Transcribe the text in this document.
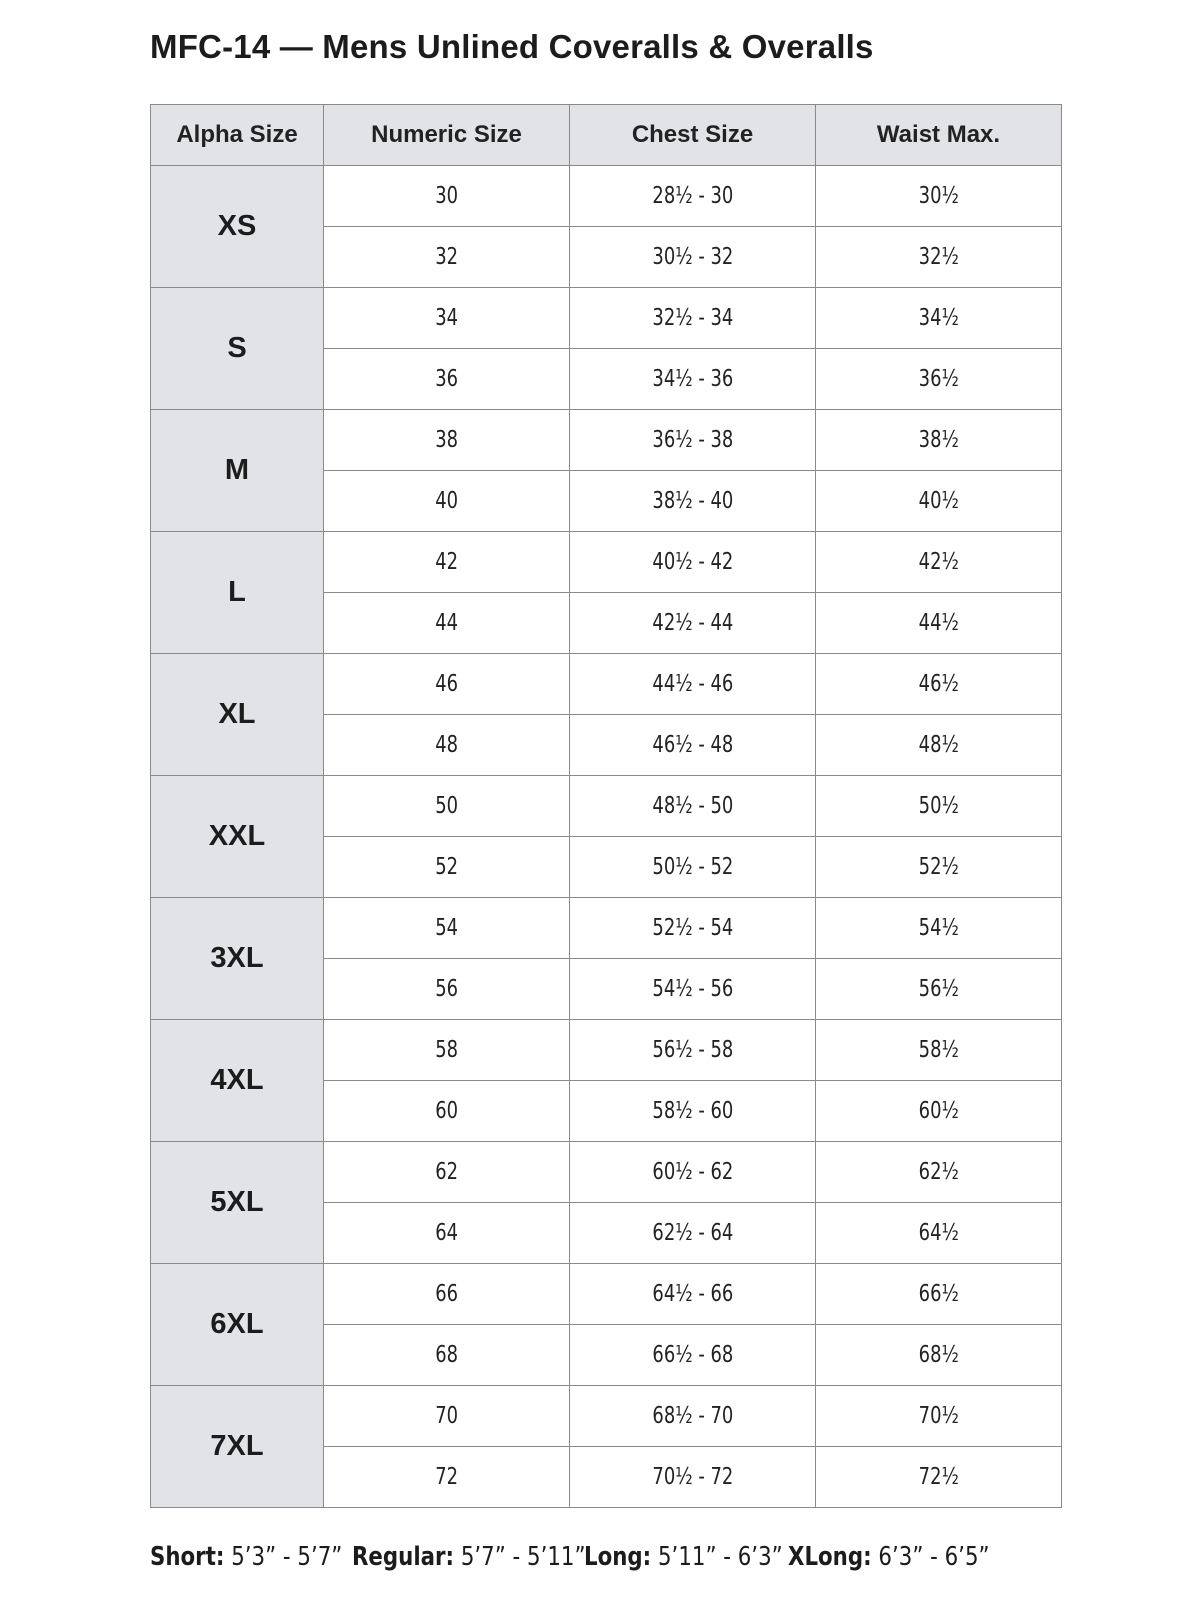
MFC-14 — Mens Unlined Coveralls & Overalls
Alpha Size	Numeric Size	Chest Size	Waist Max.
XS	30	28½ - 30	30½
	32	30½ - 32	32½
S	34	32½ - 34	34½
	36	34½ - 36	36½
M	38	36½ - 38	38½
	40	38½ - 40	40½
L	42	40½ - 42	42½
	44	42½ - 44	44½
XL	46	44½ - 46	46½
	48	46½ - 48	48½
XXL	50	48½ - 50	50½
	52	50½ - 52	52½
3XL	54	52½ - 54	54½
	56	54½ - 56	56½
4XL	58	56½ - 58	58½
	60	58½ - 60	60½
5XL	62	60½ - 62	62½
	64	62½ - 64	64½
6XL	66	64½ - 66	66½
	68	66½ - 68	68½
7XL	70	68½ - 70	70½
	72	70½ - 72	72½
Short: 5’3” - 5’7” Regular: 5’7” - 5’11”
Long: 5’11” - 6’3” XLong: 6’3” - 6’5”
